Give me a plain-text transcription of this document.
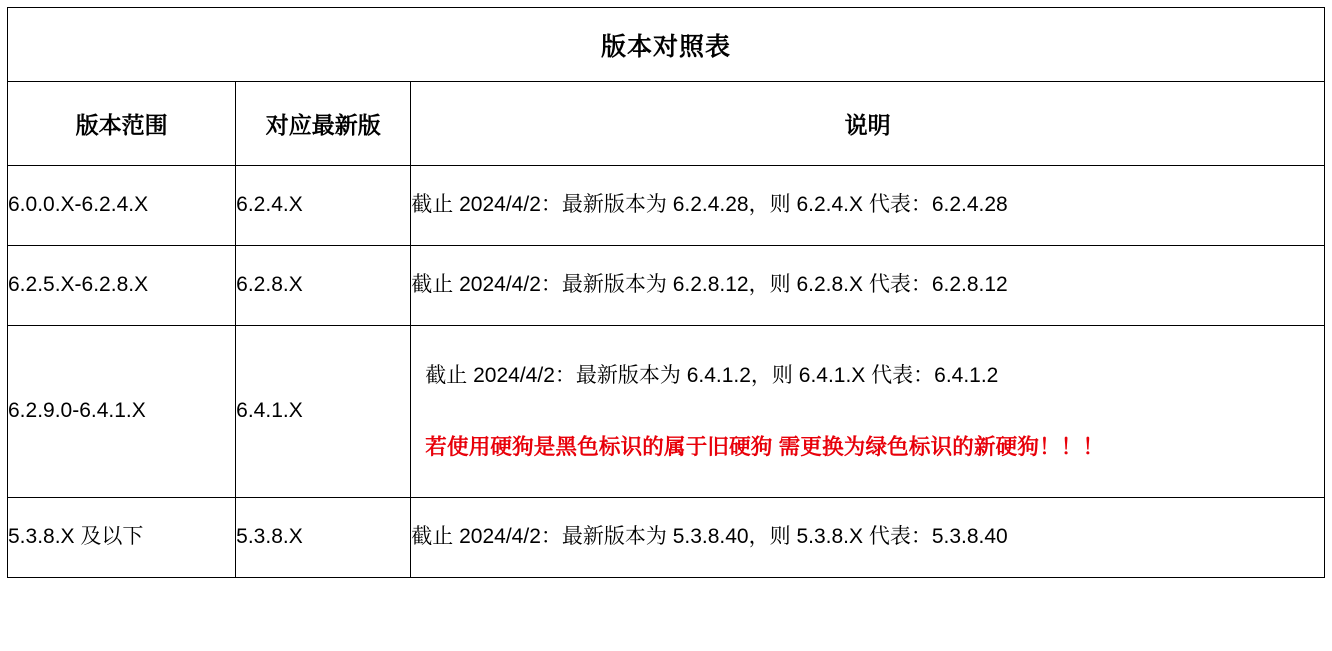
版本对照表		
版本范围	对应最新版	说明
6.0.0.X-6.2.4.X	6.2.4.X	截止 2024/4/2：最新版本为 6.2.4.28，则 6.2.4.X 代表：6.2.4.28
6.2.5.X-6.2.8.X	6.2.8.X	截止 2024/4/2：最新版本为 6.2.8.12，则 6.2.8.X 代表：6.2.8.12
6.2.9.0-6.4.1.X	6.4.1.X	截止 2024/4/2：最新版本为 6.4.1.2，则 6.4.1.X 代表：6.4.1.2

若使用硬狗是黑色标识的属于旧硬狗 需更换为绿色标识的新硬狗！！！

5.3.8.X 及以下	5.3.8.X	截止 2024/4/2：最新版本为 5.3.8.40，则 5.3.8.X 代表：5.3.8.40
